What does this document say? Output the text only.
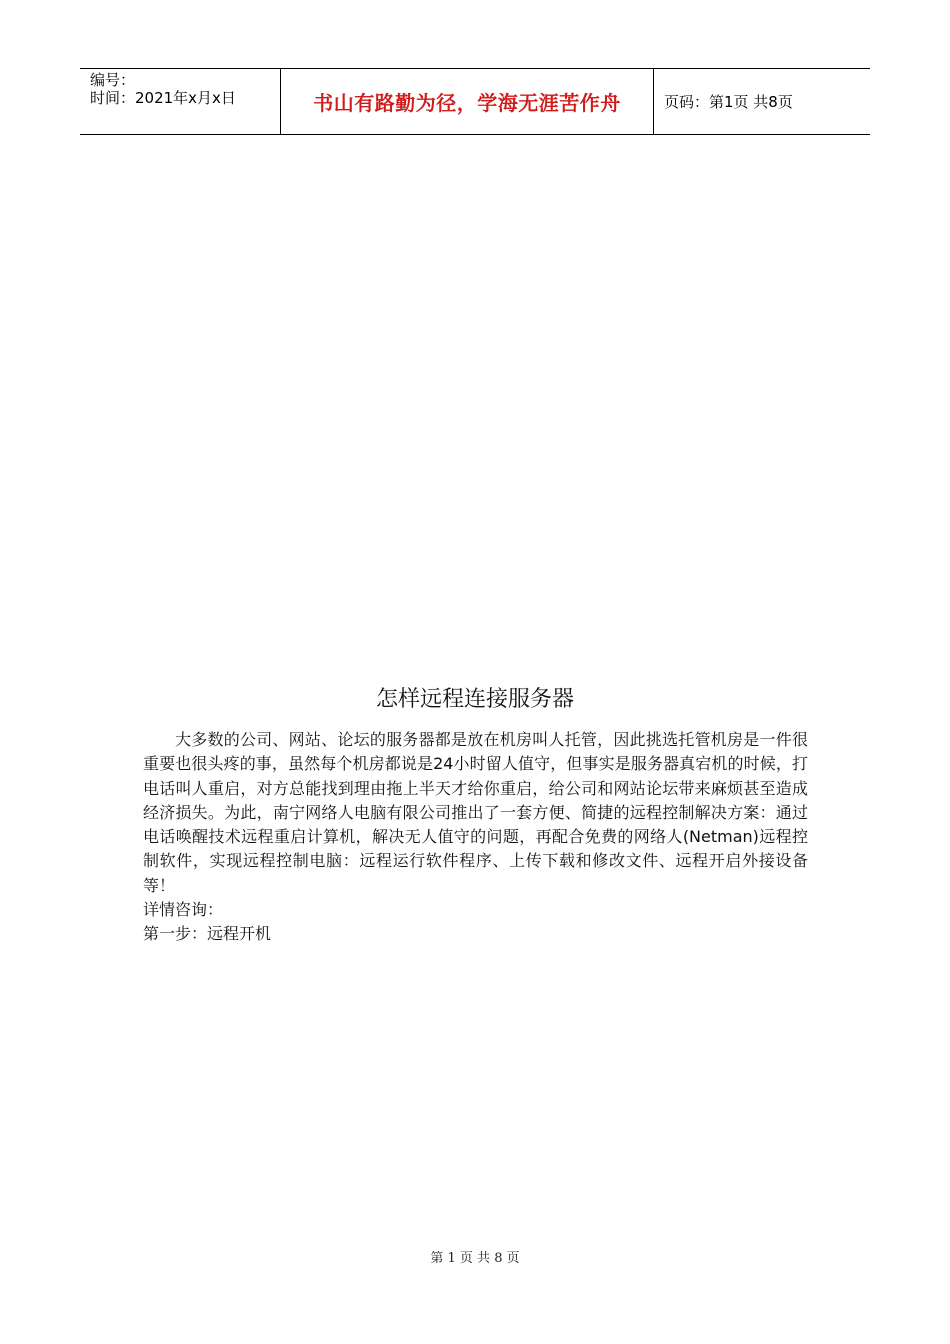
编号：
时间：2021年x月x日	书山有路勤为径，学海无涯苦作舟	页码：第1页 共8页
怎样远程连接服务器

大多数的公司、网站、论坛的服务器都是放在机房叫人托管，因此挑选托管机房是一件很重要也很头疼的事，虽然每个机房都说是24小时留人值守，但事实是服务器真宕机的时候，打电话叫人重启，对方总能找到理由拖上半天才给你重启，给公司和网站论坛带来麻烦甚至造成经济损失。为此，南宁网络人电脑有限公司推出了一套方便、简捷的远程控制解决方案：通过电话唤醒技术远程重启计算机，解决无人值守的问题，再配合免费的网络人(Netman)远程控制软件，实现远程控制电脑：远程运行软件程序、上传下载和修改文件、远程开启外接设备等！

详情咨询：

第一步：远程开机

第 1 页 共 8 页
